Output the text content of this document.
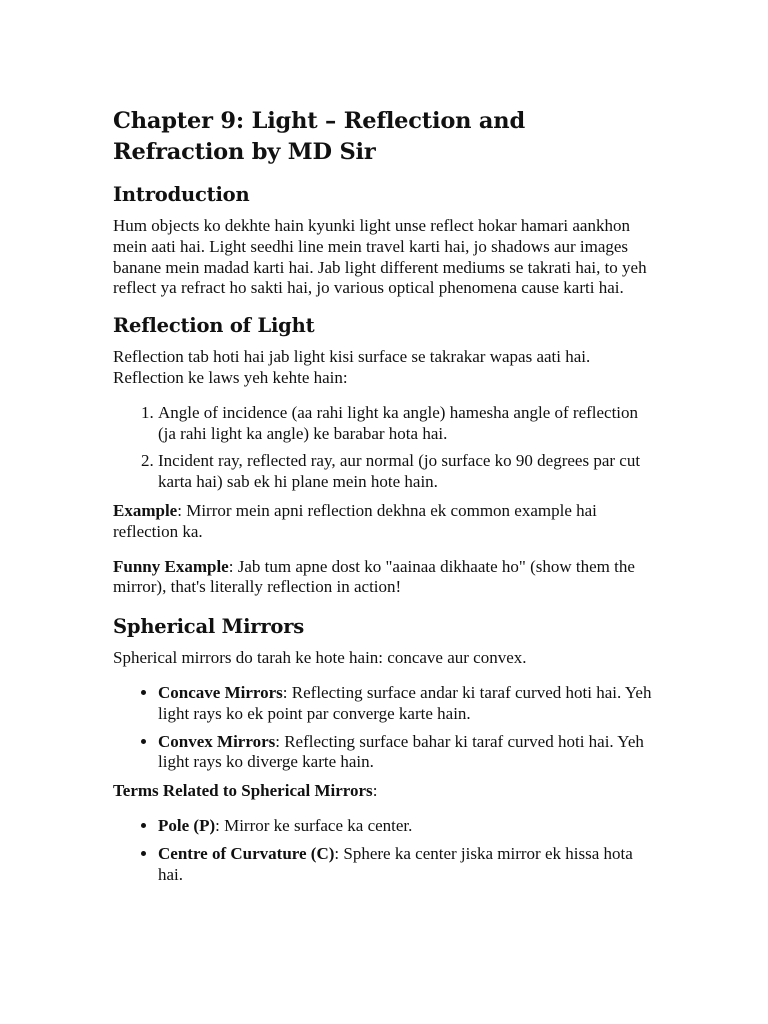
Chapter 9: Light – Reflection and Refraction by MD Sir
Introduction

Hum objects ko dekhte hain kyunki light unse reflect hokar hamari aankhon mein aati hai. Light seedhi line mein travel karti hai, jo shadows aur images banane mein madad karti hai. Jab light different mediums se takrati hai, to yeh reflect ya refract ho sakti hai, jo various optical phenomena cause karti hai.

Reflection of Light

Reflection tab hoti hai jab light kisi surface se takrakar wapas aati hai. Reflection ke laws yeh kehte hain:

1. Angle of incidence (aa rahi light ka angle) hamesha angle of reflection (ja rahi light ka angle) ke barabar hota hai.
2. Incident ray, reflected ray, aur normal (jo surface ko 90 degrees par cut karta hai) sab ek hi plane mein hote hain.

Example: Mirror mein apni reflection dekhna ek common example hai reflection ka.

Funny Example: Jab tum apne dost ko "aainaa dikhaate ho" (show them the mirror), that's literally reflection in action!

Spherical Mirrors

Spherical mirrors do tarah ke hote hain: concave aur convex.

• Concave Mirrors: Reflecting surface andar ki taraf curved hoti hai. Yeh light rays ko ek point par converge karte hain.
• Convex Mirrors: Reflecting surface bahar ki taraf curved hoti hai. Yeh light rays ko diverge karte hain.

Terms Related to Spherical Mirrors:

• Pole (P): Mirror ke surface ka center.
• Centre of Curvature (C): Sphere ka center jiska mirror ek hissa hota hai.
